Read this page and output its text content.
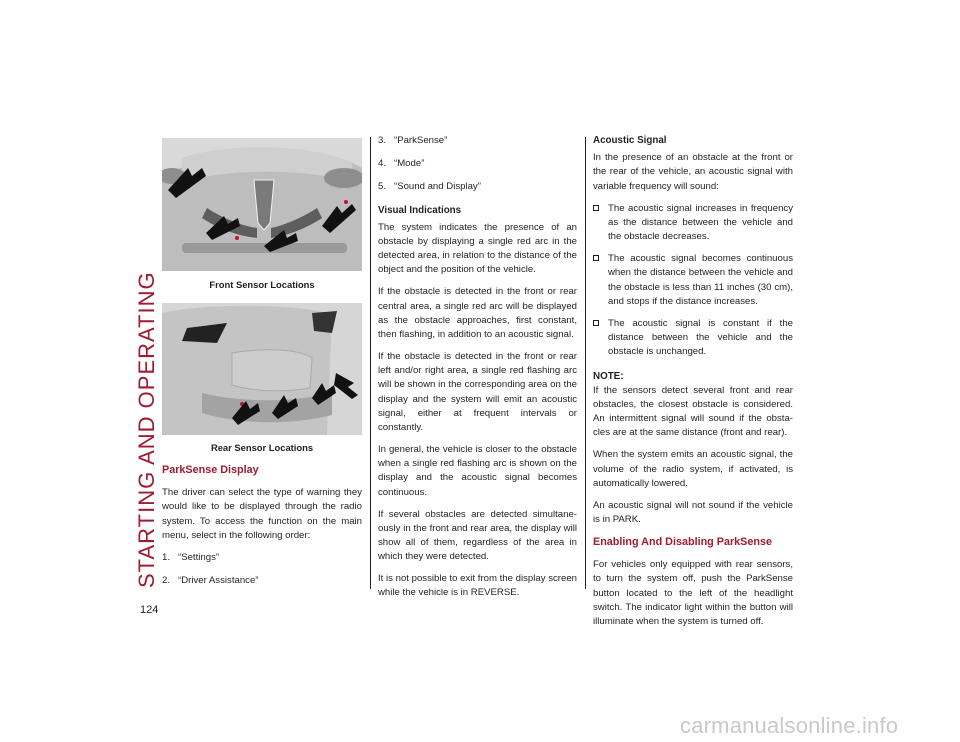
STARTING AND OPERATING
124
Front Sensor Locations
Rear Sensor Locations
ParkSense Display

The driver can select the type of warning they would like to be displayed through the radio system. To access the function on the main menu, select in the following order:

1. “Settings”
2. “Driver Assistance”
3. “ParkSense”
4. “Mode”
5. “Sound and Display”
Visual Indications

The system indicates the presence of an obstacle by displaying a single red arc in the detected area, in relation to the distance of the object and the position of the vehicle.

If the obstacle is detected in the front or rear central area, a single red arc will be displayed as the obstacle approaches, first constant, then flashing, in addition to an acoustic signal.

If the obstacle is detected in the front or rear left and/or right area, a single red flashing arc will be shown in the corresponding area on the display and the system will emit an acoustic signal, either at frequent intervals or constantly.

In general, the vehicle is closer to the obstacle when a single red flashing arc is shown on the display and the acoustic signal becomes continuous.

If several obstacles are detected simultane-ously in the front and rear area, the display will show all of them, regardless of the area in which they were detected.

It is not possible to exit from the display screen while the vehicle is in REVERSE.

Acoustic Signal

In the presence of an obstacle at the front or the rear of the vehicle, an acoustic signal with variable frequency will sound:

The acoustic signal increases in frequency as the distance between the vehicle and the obstacle decreases.
The acoustic signal becomes continuous when the distance between the vehicle and the obstacle is less than 11 inches (30 cm), and stops if the distance increases.
The acoustic signal is constant if the distance between the vehicle and the obstacle is unchanged.
NOTE:

If the sensors detect several front and rear obstacles, the closest obstacle is considered. An intermittent signal will sound if the obsta-cles are at the same distance (front and rear).

When the system emits an acoustic signal, the volume of the radio system, if activated, is automatically lowered.

An acoustic signal will not sound if the vehicle is in PARK.

Enabling And Disabling ParkSense

For vehicles only equipped with rear sensors, to turn the system off, push the ParkSense button located to the left of the headlight switch. The indicator light within the button will illuminate when the system is turned off.

carmanualsonline.info
